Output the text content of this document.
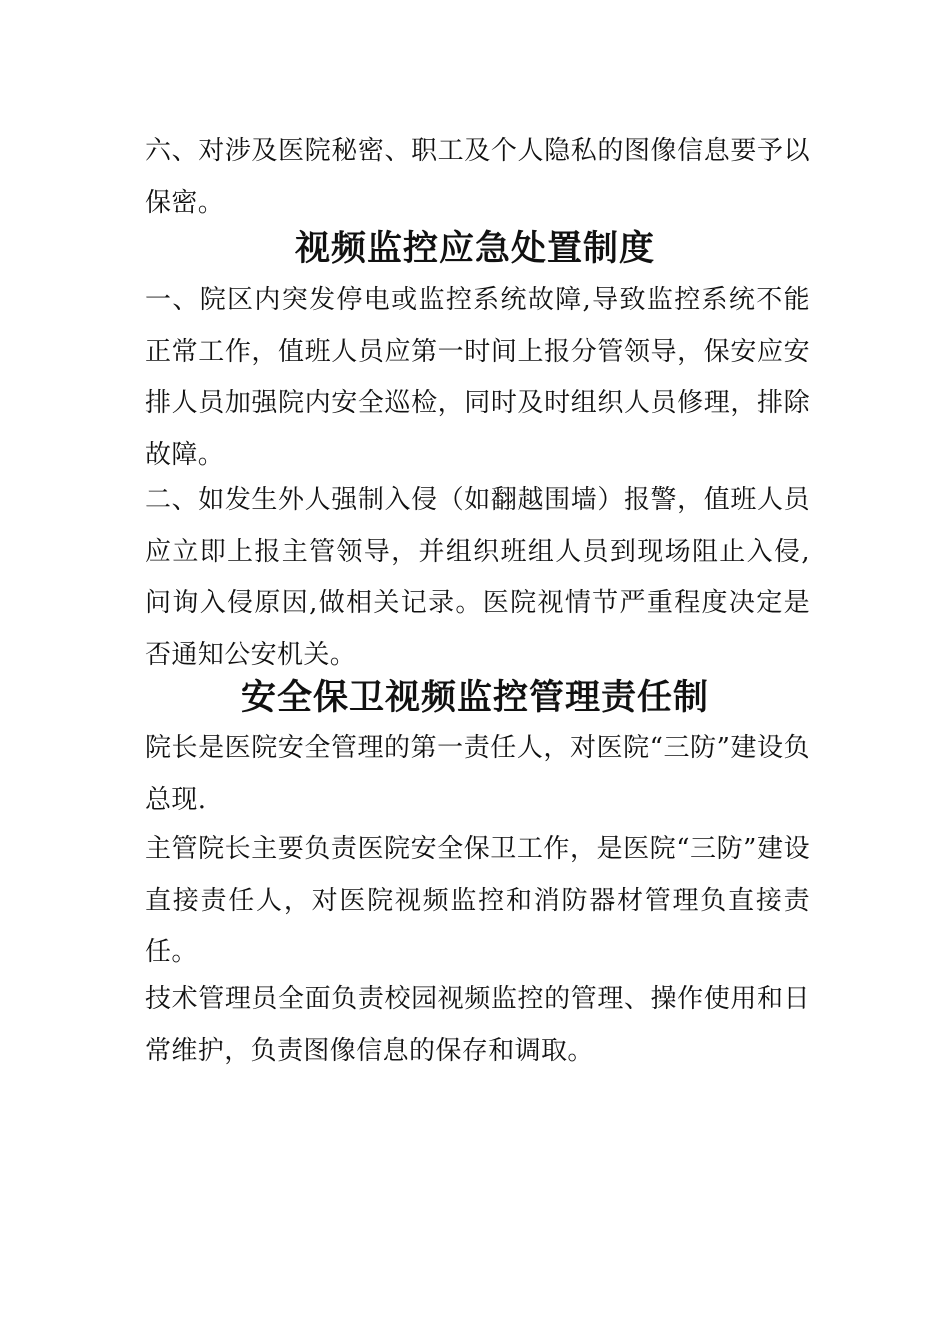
六、对涉及医院秘密、职工及个人隐私的图像信息要予以保密。

视频监控应急处置制度

一、院区内突发停电或监控系统故障,导致监控系统不能正常工作，值班人员应第一时间上报分管领导，保安应安排人员加强院内安全巡检，同时及时组织人员修理，排除故障。

二、如发生外人强制入侵（如翻越围墙）报警，值班人员应立即上报主管领导，并组织班组人员到现场阻止入侵,问询入侵原因,做相关记录。医院视情节严重程度决定是否通知公安机关。

安全保卫视频监控管理责任制

院长是医院安全管理的第一责任人，对医院“三防”建设负总现.

主管院长主要负责医院安全保卫工作，是医院“三防”建设直接责任人，对医院视频监控和消防器材管理负直接责任。

技术管理员全面负责校园视频监控的管理、操作使用和日常维护，负责图像信息的保存和调取。
